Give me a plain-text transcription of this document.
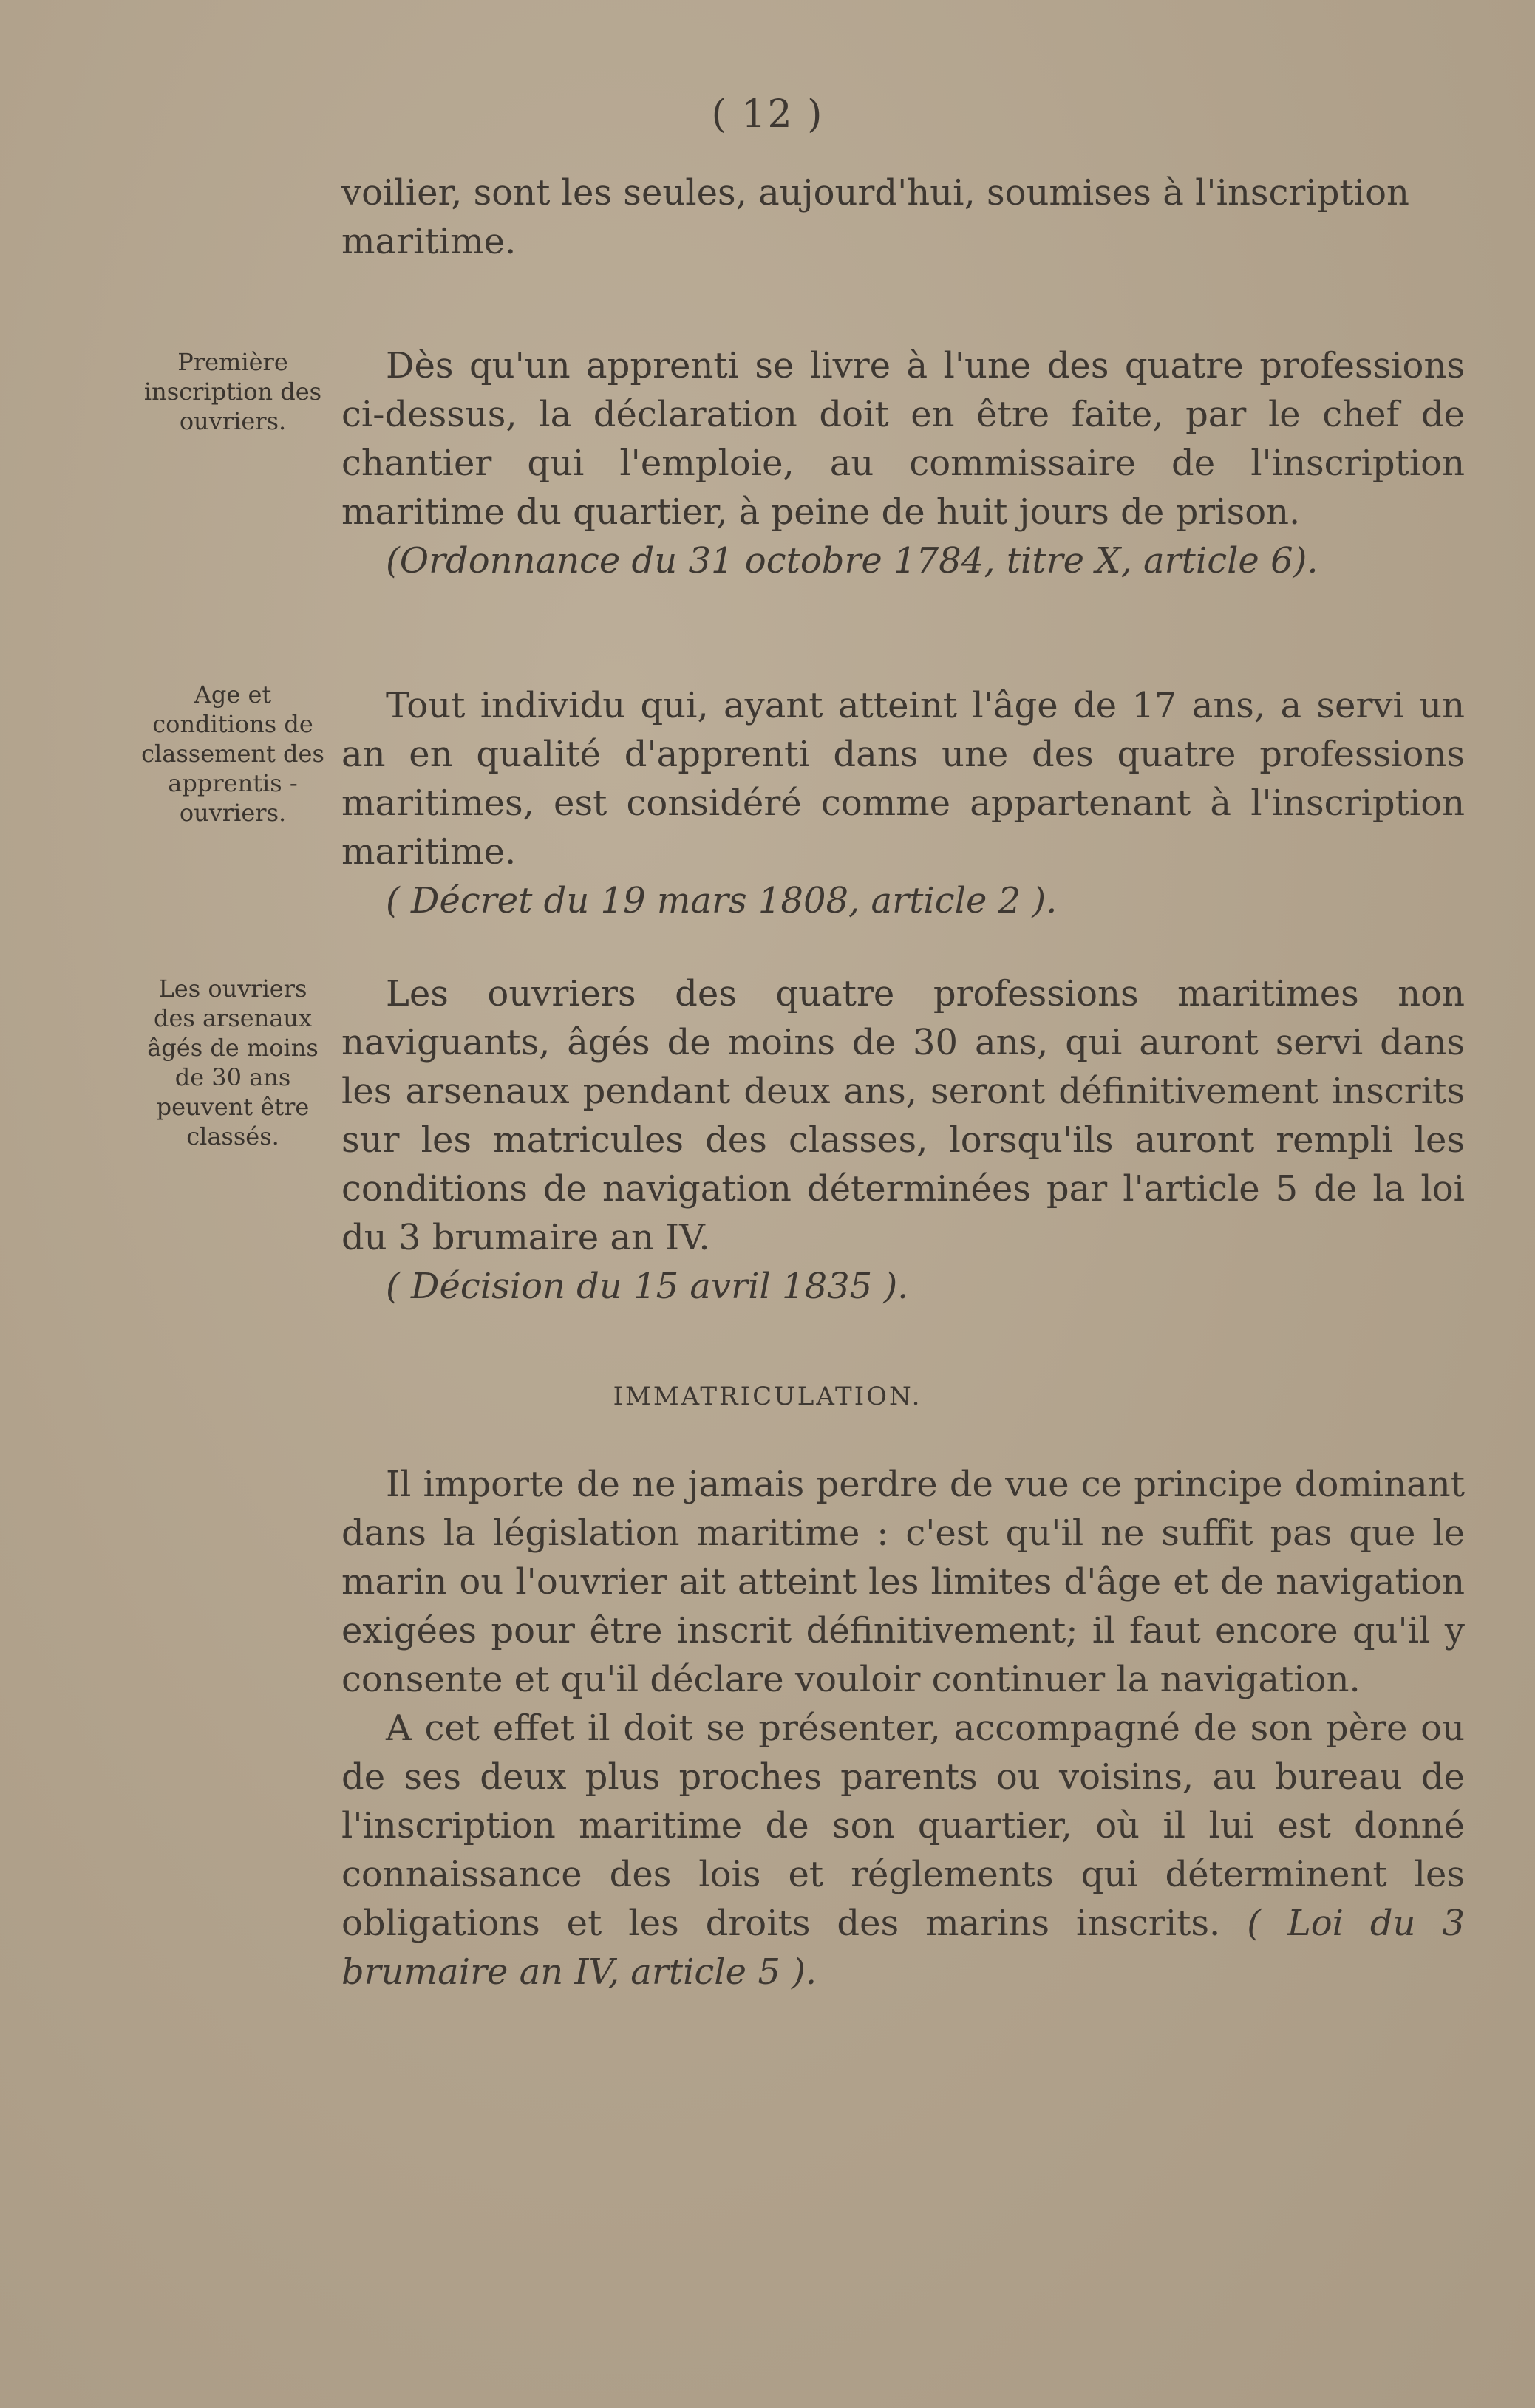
( 12 )

voilier, sont les seules, aujourd'hui, soumises à l'inscription

maritime.

Première inscription des ouvriers.

Dès qu'un apprenti se livre à l'une des quatre professions ci-dessus, la déclaration doit en être faite, par le chef de chantier qui l'emploie, au commissaire de l'inscription maritime du quartier, à peine de huit jours de prison.

(Ordonnance du 31 octobre 1784, titre X, article 6).

Age et conditions de classement des apprentis -ouvriers.

Tout individu qui, ayant atteint l'âge de 17 ans, a servi un an en qualité d'apprenti dans une des quatre professions maritimes, est considéré comme appartenant à l'inscription maritime.

( Décret du 19 mars 1808, article 2 ).

Les ouvriers des arsenaux âgés de moins de 30 ans peuvent être classés.

Les ouvriers des quatre professions maritimes non naviguants, âgés de moins de 30 ans, qui auront servi dans les arsenaux pendant deux ans, seront définitivement inscrits sur les matricules des classes, lorsqu'ils auront rempli les conditions de navigation déterminées par l'article 5 de la loi du 3 brumaire an IV.

( Décision du 15 avril 1835 ).

IMMATRICULATION.

Il importe de ne jamais perdre de vue ce principe dominant dans la législation maritime : c'est qu'il ne suffit pas que le marin ou l'ouvrier ait atteint les limites d'âge et de navigation exigées pour être inscrit définitivement; il faut encore qu'il y consente et qu'il déclare vouloir continuer la navigation.

A cet effet il doit se présenter, accompagné de son père ou de ses deux plus proches parents ou voisins, au bureau de l'inscription maritime de son quartier, où il lui est donné connaissance des lois et réglements qui déterminent les obligations et les droits des marins inscrits. ( Loi du 3 brumaire an IV, article 5 ).
